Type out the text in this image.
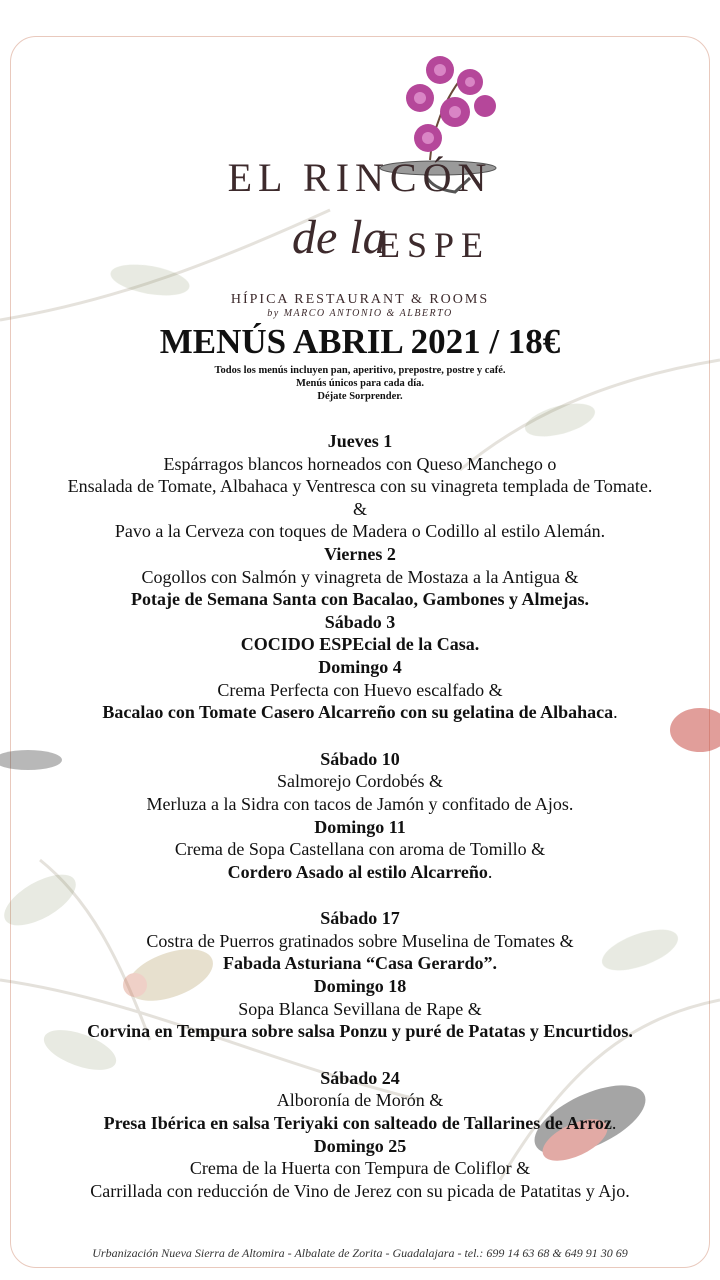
EL RINCÓN
de la
ESPE
HÍPICA RESTAURANT & ROOMS
by MARCO ANTONIO & ALBERTO
MENÚS ABRIL 2021 / 18€
Todos los menús incluyen pan, aperitivo, prepostre, postre y café.
Menús únicos para cada día.
Déjate Sorprender.
Jueves 1
Espárragos blancos horneados con Queso Manchego o
Ensalada de Tomate, Albahaca y Ventresca con su vinagreta templada de Tomate.
&
Pavo a la Cerveza con toques de Madera o Codillo al estilo Alemán.
Viernes 2
Cogollos con Salmón y vinagreta de Mostaza a la Antigua &
Potaje de Semana Santa con Bacalao, Gambones y Almejas.
Sábado 3
COCIDO ESPEcial de la Casa.
Domingo 4
Crema Perfecta con Huevo escalfado &
Bacalao con Tomate Casero Alcarreño con su gelatina de Albahaca.
Sábado 10
Salmorejo Cordobés &
Merluza a la Sidra con tacos de Jamón y confitado de Ajos.
Domingo 11
Crema de Sopa Castellana con aroma de Tomillo &
Cordero Asado al estilo Alcarreño.
Sábado 17
Costra de Puerros gratinados sobre Muselina de Tomates &
Fabada Asturiana “Casa Gerardo”.
Domingo 18
Sopa Blanca Sevillana de Rape &
Corvina en Tempura sobre salsa Ponzu y puré de Patatas y Encurtidos.
Sábado 24
Alboronía de Morón &
Presa Ibérica en salsa Teriyaki con salteado de Tallarines de Arroz.
Domingo 25
Crema de la Huerta con Tempura de Coliflor &
Carrillada con reducción de Vino de Jerez con su picada de Patatitas y Ajo.
Urbanización Nueva Sierra de Altomira - Albalate de Zorita - Guadalajara - tel.: 699 14 63 68 & 649 91 30 69
